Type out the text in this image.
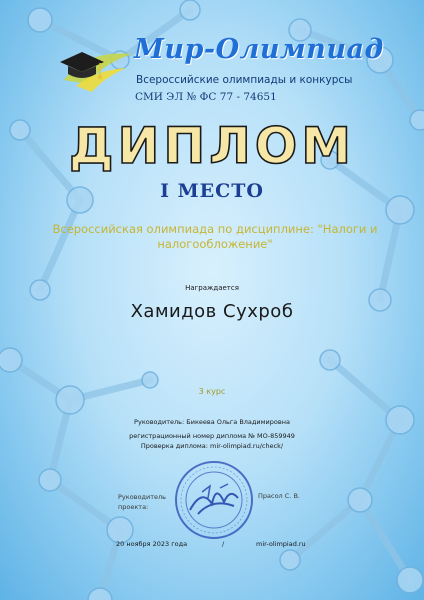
Мир-Олимпиад
Всероссийские олимпиады и конкурсы
СМИ ЭЛ № ФС 77 - 74651
ДИПЛОМ
I МЕСТО
Всероссийская олимпиада по дисциплине: "Налоги и налогообложение"
Награждается
Хамидов Сухроб
3 курс
Руководитель: Бикеева Ольга Владимировна
регистрационный номер диплома № МО-859949
Проверка диплома: mir-olimpiad.ru/check/
Руководитель
проекта:
Прасол С. В.
20 ноября 2023 года	/	mir-olimpiad.ru
